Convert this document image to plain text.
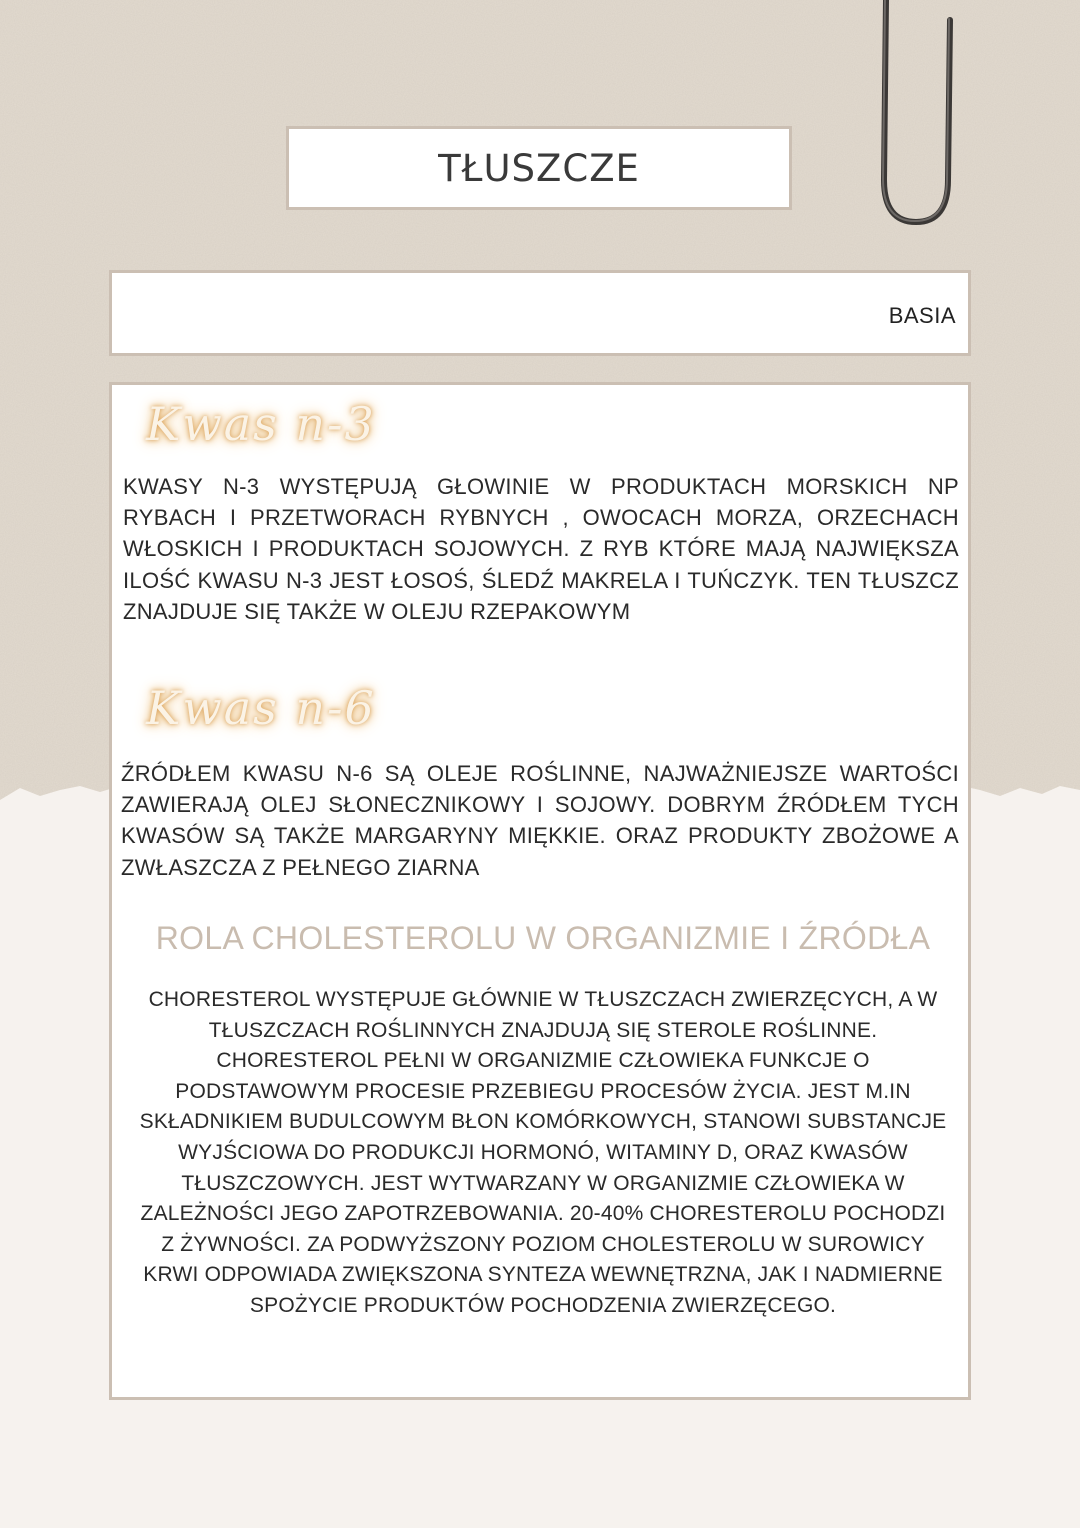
TŁUSZCZE
BASIA
Kwas n-3
KWASY N-3 WYSTĘPUJĄ GŁOWINIE W PRODUKTACH MORSKICH NP RYBACH I PRZETWORACH RYBNYCH , OWOCACH MORZA, ORZECHACH WŁOSKICH I PRODUKTACH SOJOWYCH. Z RYB KTÓRE MAJĄ NAJWIĘKSZA ILOŚĆ KWASU N-3 JEST ŁOSOŚ, ŚLEDŹ MAKRELA I TUŃCZYK. TEN TŁUSZCZ ZNAJDUJE SIĘ TAKŻE W OLEJU RZEPAKOWYM
Kwas n-6
ŹRÓDŁEM KWASU N-6 SĄ OLEJE ROŚLINNE, NAJWAŻNIEJSZE WARTOŚCI ZAWIERAJĄ OLEJ SŁONECZNIKOWY I SOJOWY. DOBRYM ŹRÓDŁEM TYCH KWASÓW SĄ TAKŻE MARGARYNY MIĘKKIE. ORAZ PRODUKTY ZBOŻOWE A ZWŁASZCZA Z PEŁNEGO ZIARNA
ROLA CHOLESTEROLU W ORGANIZMIE I ŹRÓDŁA
CHORESTEROL WYSTĘPUJE GŁÓWNIE W TŁUSZCZACH ZWIERZĘCYCH, A W TŁUSZCZACH ROŚLINNYCH ZNAJDUJĄ SIĘ STEROLE ROŚLINNE. CHORESTEROL PEŁNI W ORGANIZMIE CZŁOWIEKA FUNKCJE O PODSTAWOWYM PROCESIE PRZEBIEGU PROCESÓW ŻYCIA. JEST M.IN SKŁADNIKIEM BUDULCOWYM BŁON KOMÓRKOWYCH, STANOWI SUBSTANCJE WYJŚCIOWA DO PRODUKCJI HORMONÓ, WITAMINY D, ORAZ KWASÓW TŁUSZCZOWYCH. JEST WYTWARZANY W ORGANIZMIE CZŁOWIEKA W ZALEŻNOŚCI JEGO ZAPOTRZEBOWANIA. 20-40% CHORESTEROLU POCHODZI Z ŻYWNOŚCI. ZA PODWYŻSZONY POZIOM CHOLESTEROLU W SUROWICY KRWI ODPOWIADA ZWIĘKSZONA SYNTEZA WEWNĘTRZNA, JAK I NADMIERNE SPOŻYCIE PRODUKTÓW POCHODZENIA ZWIERZĘCEGO.
